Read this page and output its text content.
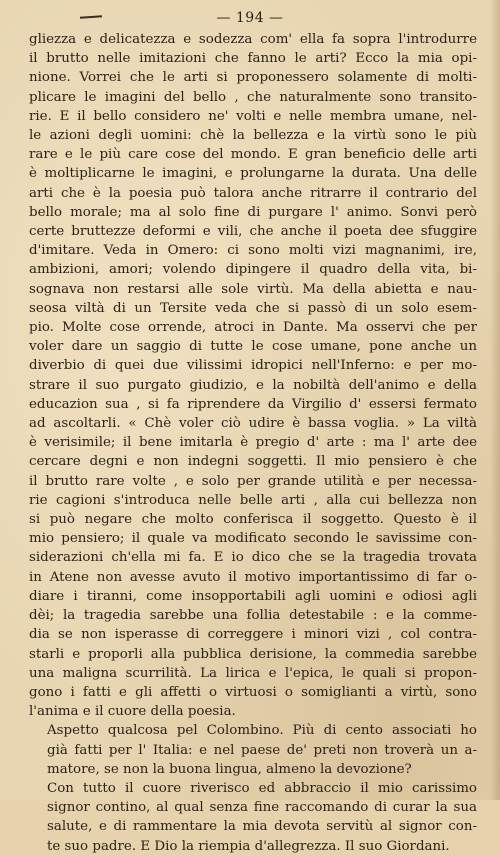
— 194 —

gliezza e delicatezza e sodezza com' ella fa sopra l'introdurre
il brutto nelle imitazioni che fanno le arti? Ecco la mia opi-
nione. Vorrei che le arti si proponessero solamente di molti-
plicare le imagini del bello , che naturalmente sono transito-
rie. E il bello considero ne' volti e nelle membra umane, nel-
le azioni degli uomini: chè la bellezza e la virtù sono le più
rare e le più care cose del mondo. E gran beneficio delle arti
è moltiplicarne le imagini, e prolungarne la durata. Una delle
arti che è la poesia può talora anche ritrarre il contrario del
bello morale; ma al solo fine di purgare l' animo. Sonvi però
certe bruttezze deformi e vili, che anche il poeta dee sfuggire
d'imitare. Veda in Omero: ci sono molti vizi magnanimi, ire,
ambizioni, amori; volendo dipingere il quadro della vita, bi-
sognava non restarsi alle sole virtù. Ma della abietta e nau-
seosa viltà di un Tersite veda che si passò di un solo esem-
pio. Molte cose orrende, atroci in Dante. Ma osservi che per
voler dare un saggio di tutte le cose umane, pone anche un
diverbio di quei due vilissimi idropici nell'Inferno: e per mo-
strare il suo purgato giudizio, e la nobiltà dell'animo e della
educazion sua , si fa riprendere da Virgilio d' essersi fermato
ad ascoltarli. « Chè voler ciò udire è bassa voglia. » La viltà
è verisimile; il bene imitarla è pregio d' arte : ma l' arte dee
cercare degni e non indegni soggetti. Il mio pensiero è che
il brutto rare volte , e solo per grande utilità e per necessa-
rie cagioni s'introduca nelle belle arti , alla cui bellezza non
si può negare che molto conferisca il soggetto. Questo è il
mio pensiero; il quale va modificato secondo le savissime con-
siderazioni ch'ella mi fa. E io dico che se la tragedia trovata
in Atene non avesse avuto il motivo importantissimo di far o-
diare i tiranni, come insopportabili agli uomini e odiosi agli
dèi; la tragedia sarebbe una follia detestabile : e la comme-
dia se non isperasse di correggere i minori vizi , col contra-
starli e proporli alla pubblica derisione, la commedia sarebbe
una maligna scurrilità. La lirica e l'epica, le quali si propon-
gono i fatti e gli affetti o virtuosi o somiglianti a virtù, sono
l'anima e il cuore della poesia.

Aspetto qualcosa pel Colombino. Più di cento associati ho
già fatti per l' Italia: e nel paese de' preti non troverà un a-
matore, se non la buona lingua, almeno la devozione?

Con tutto il cuore riverisco ed abbraccio il mio carissimo
signor contino, al qual senza fine raccomando di curar la sua
salute, e di rammentare la mia devota servitù al signor con-
te suo padre. E Dio la riempia d'allegrezza. Il suo Giordani.
